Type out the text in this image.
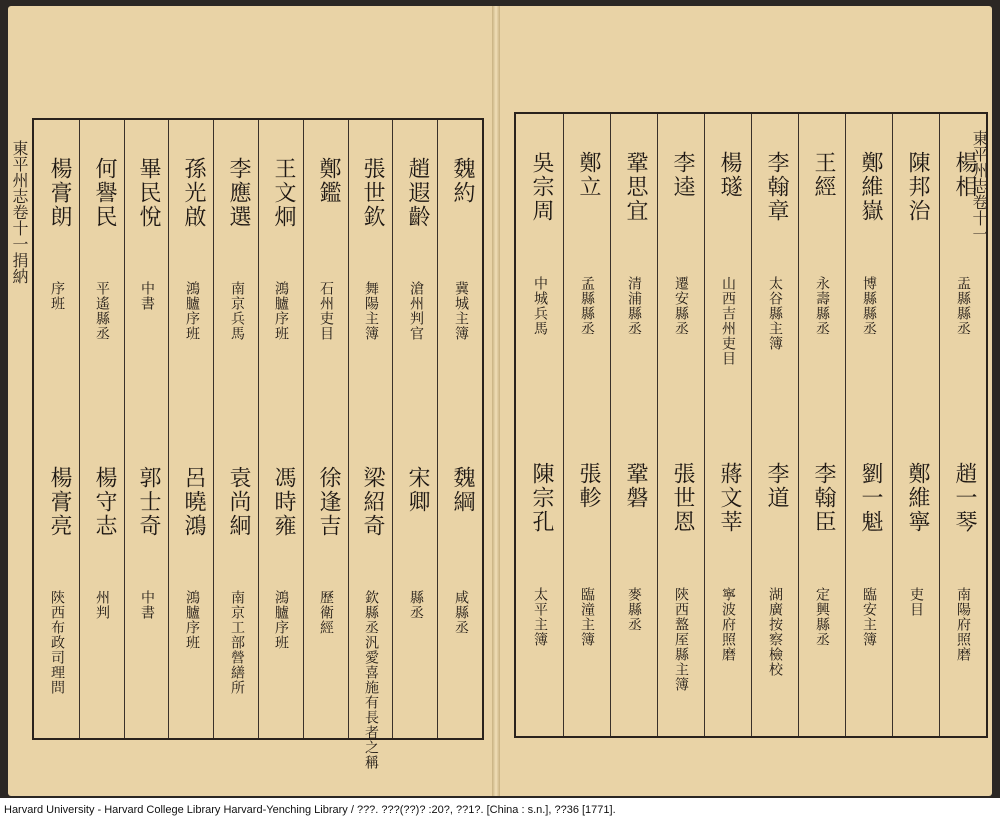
東平州志卷十一捐納	東平州志卷十一
魏約
冀城主簿
魏綱
咸縣丞
趙遐齡
滄州判官
宋卿
縣丞
張世欽
舞陽主簿
梁紹奇
欽縣丞汎愛喜施有長者之稱
鄭鑑
石州吏目
徐逢吉
歷衛經
王文炯
鴻臚序班
馮時雍
鴻臚序班
李應選
南京兵馬
袁尚絅
南京工部營繕所
孫光啟
鴻臚序班
呂曉鴻
鴻臚序班
畢民悅
中書
郭士奇
中書
何譽民
平遙縣丞
楊守志
州判
楊膏朗
序班
楊膏亮
陝西布政司理問
楊相
盂縣縣丞
趙一琴
南陽府照磨
陳邦治
鄭維寧
吏目
鄭維嶽
博縣縣丞
劉一魁
臨安主簿
王經
永壽縣丞
李翰臣
定興縣丞
李翰章
太谷縣主簿
李道
湖廣按察檢校
楊璲
山西吉州吏目
蔣文莘
寧波府照磨
李逵
遷安縣丞
張世恩
陝西盩厔縣主簿
鞏思宜
清浦縣丞
鞏磐
麥縣丞
鄭立
孟縣縣丞
張軫
臨潼主簿
吳宗周
中城兵馬
陳宗孔
太平主簿
Harvard University - Harvard College Library Harvard-Yenching Library / ???. ???(??)? :20?, ??1?. [China : s.n.], ??36 [1771].
